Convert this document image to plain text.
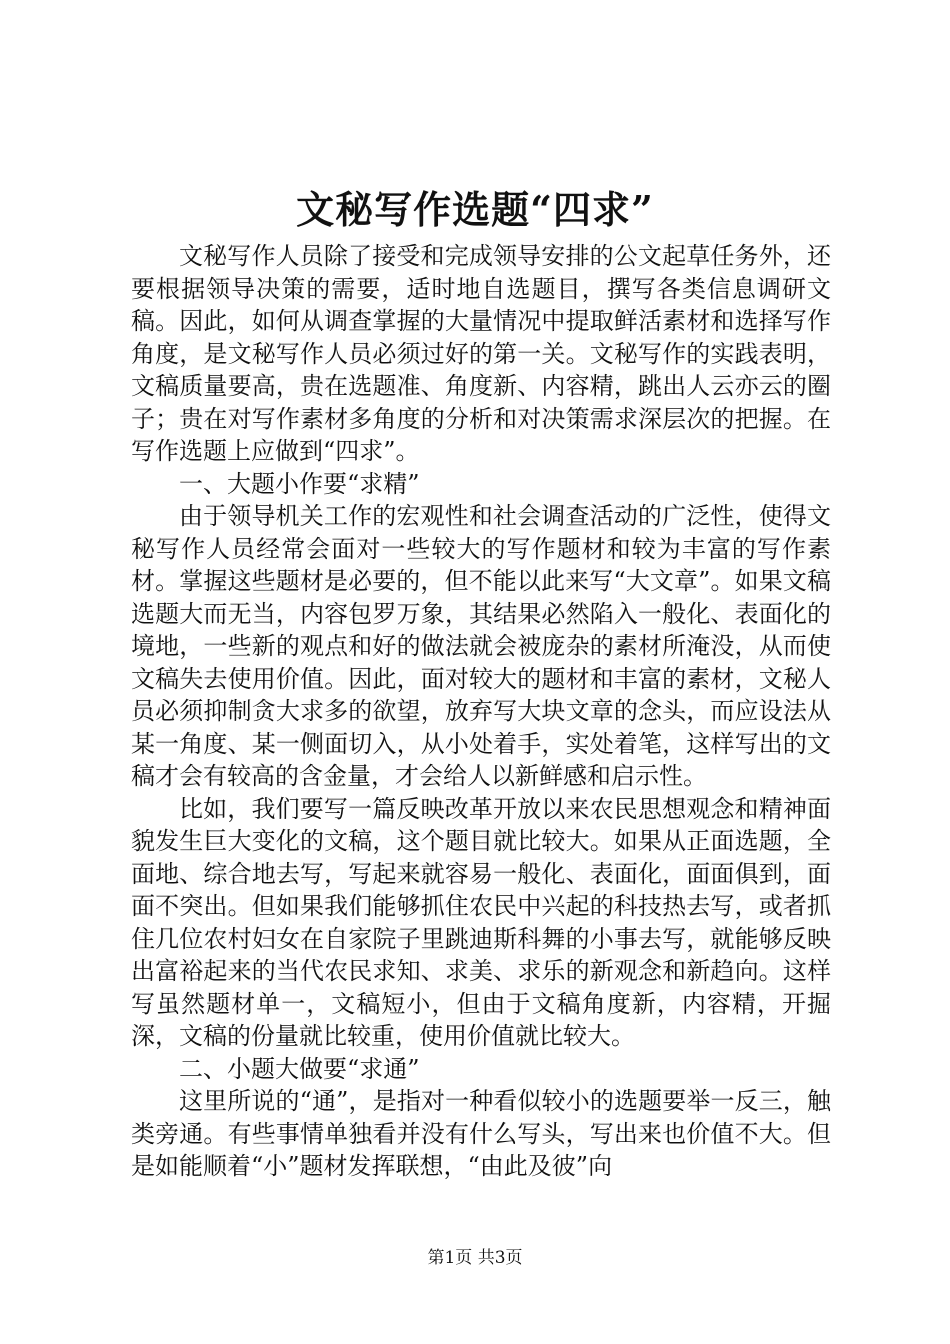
文秘写作选题“四求”

文秘写作人员除了接受和完成领导安排的公文起草任务外，还要根据领导决策的需要，适时地自选题目，撰写各类信息调研文稿。因此，如何从调查掌握的大量情况中提取鲜活素材和选择写作角度，是文秘写作人员必须过好的第一关。文秘写作的实践表明，文稿质量要高，贵在选题准、角度新、内容精，跳出人云亦云的圈子；贵在对写作素材多角度的分析和对决策需求深层次的把握。在写作选题上应做到“四求”。

一、大题小作要“求精”

由于领导机关工作的宏观性和社会调查活动的广泛性，使得文秘写作人员经常会面对一些较大的写作题材和较为丰富的写作素材。掌握这些题材是必要的，但不能以此来写“大文章”。如果文稿选题大而无当，内容包罗万象，其结果必然陷入一般化、表面化的境地，一些新的观点和好的做法就会被庞杂的素材所淹没，从而使文稿失去使用价值。因此，面对较大的题材和丰富的素材，文秘人员必须抑制贪大求多的欲望，放弃写大块文章的念头，而应设法从某一角度、某一侧面切入，从小处着手，实处着笔，这样写出的文稿才会有较高的含金量，才会给人以新鲜感和启示性。

比如，我们要写一篇反映改革开放以来农民思想观念和精神面貌发生巨大变化的文稿，这个题目就比较大。如果从正面选题，全面地、综合地去写，写起来就容易一般化、表面化，面面俱到，面面不突出。但如果我们能够抓住农民中兴起的科技热去写，或者抓住几位农村妇女在自家院子里跳迪斯科舞的小事去写，就能够反映出富裕起来的当代农民求知、求美、求乐的新观念和新趋向。这样写虽然题材单一，文稿短小，但由于文稿角度新，内容精，开掘深，文稿的份量就比较重，使用价值就比较大。

二、小题大做要“求通”

这里所说的“通”，是指对一种看似较小的选题要举一反三，触类旁通。有些事情单独看并没有什么写头，写出来也价值不大。但是如能顺着“小”题材发挥联想，“由此及彼”向

第1页 共3页
